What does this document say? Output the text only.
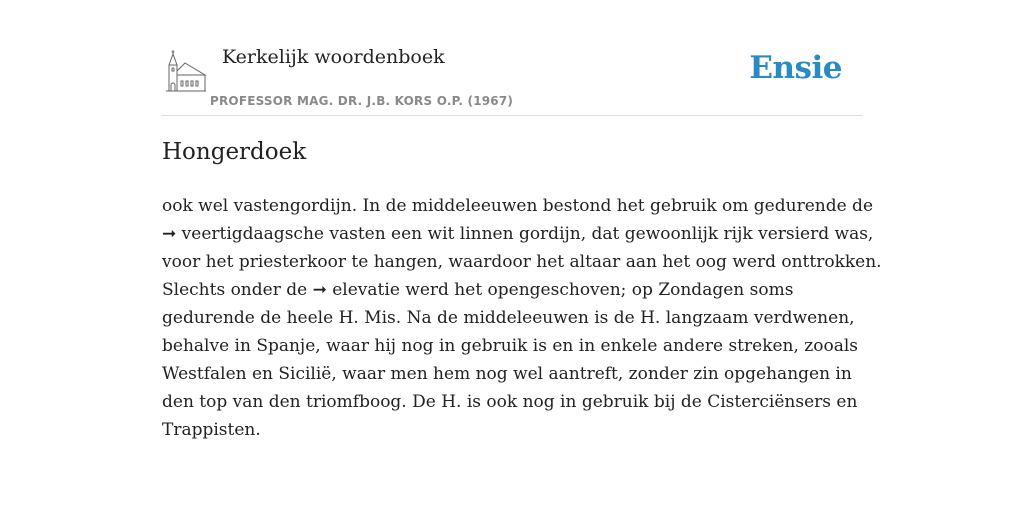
Kerkelijk woordenboek
PROFESSOR MAG. DR. J.B. KORS O.P. (1967)
Ensie
Hongerdoek
ook wel vastengordijn. In de middeleeuwen bestond het gebruik om gedurende de
➞ veertigdaagsche vasten een wit linnen gordijn, dat gewoonlijk rijk versierd was,
voor het priesterkoor te hangen, waardoor het altaar aan het oog werd onttrokken.
Slechts onder de ➞ elevatie werd het opengeschoven; op Zondagen soms
gedurende de heele H. Mis. Na de middeleeuwen is de H. langzaam verdwenen,
behalve in Spanje, waar hij nog in gebruik is en in enkele andere streken, zooals
Westfalen en Sicilië, waar men hem nog wel aantreft, zonder zin opgehangen in
den top van den triomfboog. De H. is ook nog in gebruik bij de Cisterciënsers en
Trappisten.
